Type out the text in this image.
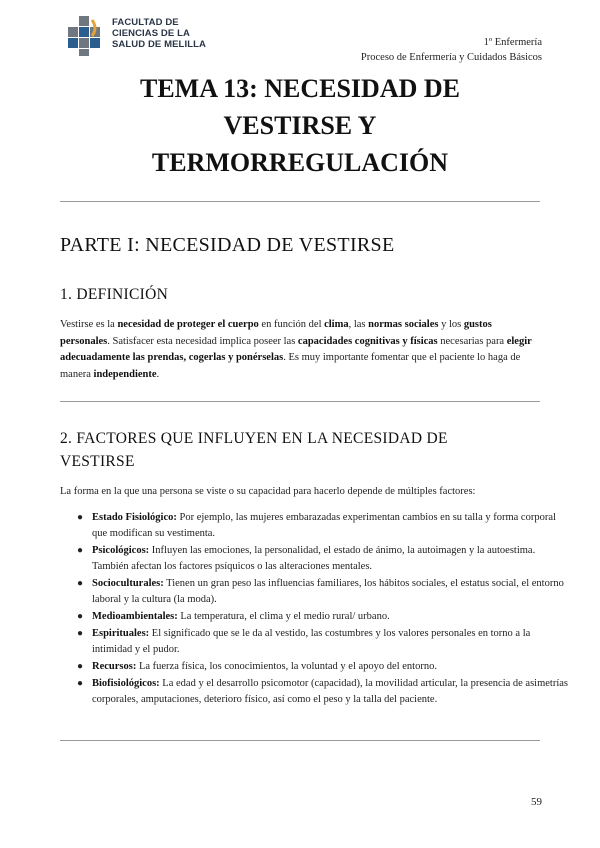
FACULTAD DE
CIENCIAS DE LA
SALUD DE MELILLA	1º Enfermería
Proceso de Enfermería y Cuidados Básicos
TEMA 13: NECESIDAD DE
VESTIRSE Y
TERMORREGULACIÓN
PARTE I: NECESIDAD DE VESTIRSE
1. DEFINICIÓN

Vestirse es la necesidad de proteger el cuerpo en función del clima, las normas sociales y los gustos personales. Satisfacer esta necesidad implica poseer las capacidades cognitivas y físicas necesarias para elegir adecuadamente las prendas, cogerlas y ponérselas. Es muy importante fomentar que el paciente lo haga de manera independiente.

2. FACTORES QUE INFLUYEN EN LA NECESIDAD DE
VESTIRSE

La forma en la que una persona se viste o su capacidad para hacerlo depende de múltiples factores:

● Estado Fisiológico: Por ejemplo, las mujeres embarazadas experimentan cambios en su talla y forma corporal que modifican su vestimenta.
● Psicológicos: Influyen las emociones, la personalidad, el estado de ánimo, la autoimagen y la autoestima. También afectan los factores psíquicos o las alteraciones mentales.
● Socioculturales: Tienen un gran peso las influencias familiares, los hábitos sociales, el estatus social, el entorno laboral y la cultura (la moda).
● Medioambientales: La temperatura, el clima y el medio rural/ urbano.
● Espirituales: El significado que se le da al vestido, las costumbres y los valores personales en torno a la intimidad y el pudor.
● Recursos: La fuerza física, los conocimientos, la voluntad y el apoyo del entorno.
● Biofisiológicos: La edad y el desarrollo psicomotor (capacidad), la movilidad articular, la presencia de asimetrías corporales, amputaciones, deterioro físico, así como el peso y la talla del paciente.
59
